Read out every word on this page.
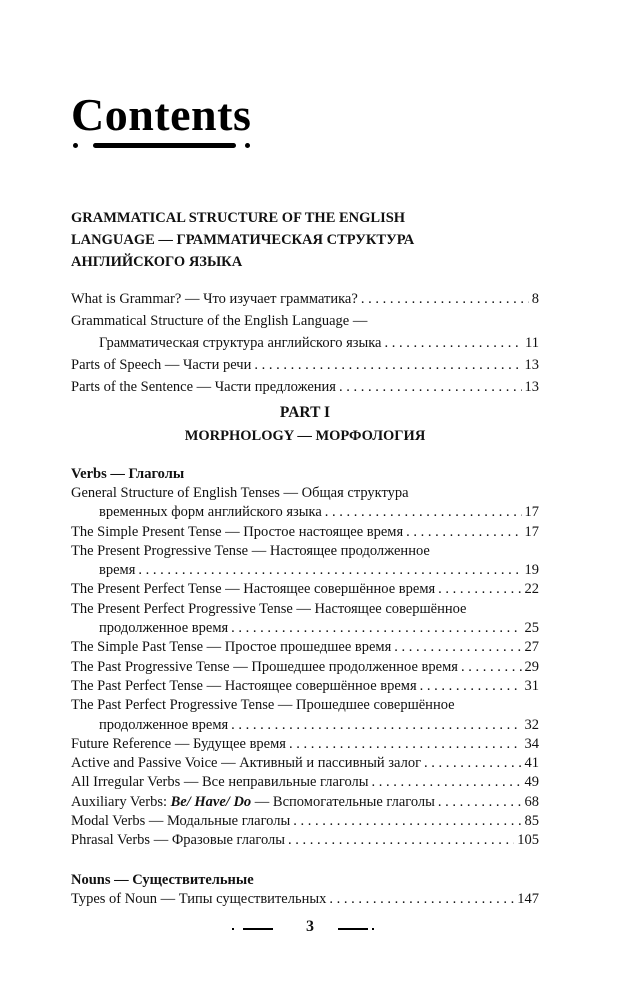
Contents
GRAMMATICAL STRUCTURE OF THE ENGLISH
LANGUAGE — ГРАММАТИЧЕСКАЯ СТРУКТУРА
АНГЛИЙСКОГО ЯЗЫКА
What is Grammar? — Что изучает грамматика? . . .	8
Grammatical Structure of the English Language —
Грамматическая структура английского языка . . .	11
Parts of Speech — Части речи . . .	13
Parts of the Sentence — Части предложения . . .	13
PART I
MORPHOLOGY — МОРФОЛОГИЯ
Verbs — Глаголы
General Structure of English Tenses — Общая структура
временных форм английского языка . . .	17
The Simple Present Tense — Простое настоящее время . . .	17
The Present Progressive Tense — Настоящее продолженное
время . . .	19
The Present Perfect Tense — Настоящее совершённое время . . .	22
The Present Perfect Progressive Tense — Настоящее совершённое
продолженное время . . .	25
The Simple Past Tense — Простое прошедшее время . . .	27
The Past Progressive Tense — Прошедшее продолженное время . . .	29
The Past Perfect Tense — Настоящее совершённое время . . .	31
The Past Perfect Progressive Tense — Прошедшее совершённое
продолженное время . . .	32
Future Reference — Будущее время . . .	34
Active and Passive Voice — Активный и пассивный залог . . .	41
All Irregular Verbs — Все неправильные глаголы . . .	49
Auxiliary Verbs: Be/ Have/ Do — Вспомогательные глаголы . . .	68
Modal Verbs — Модальные глаголы . . .	85
Phrasal Verbs — Фразовые глаголы . . .	105
Nouns — Существительные
Types of Noun — Типы существительных . . .	147
3
